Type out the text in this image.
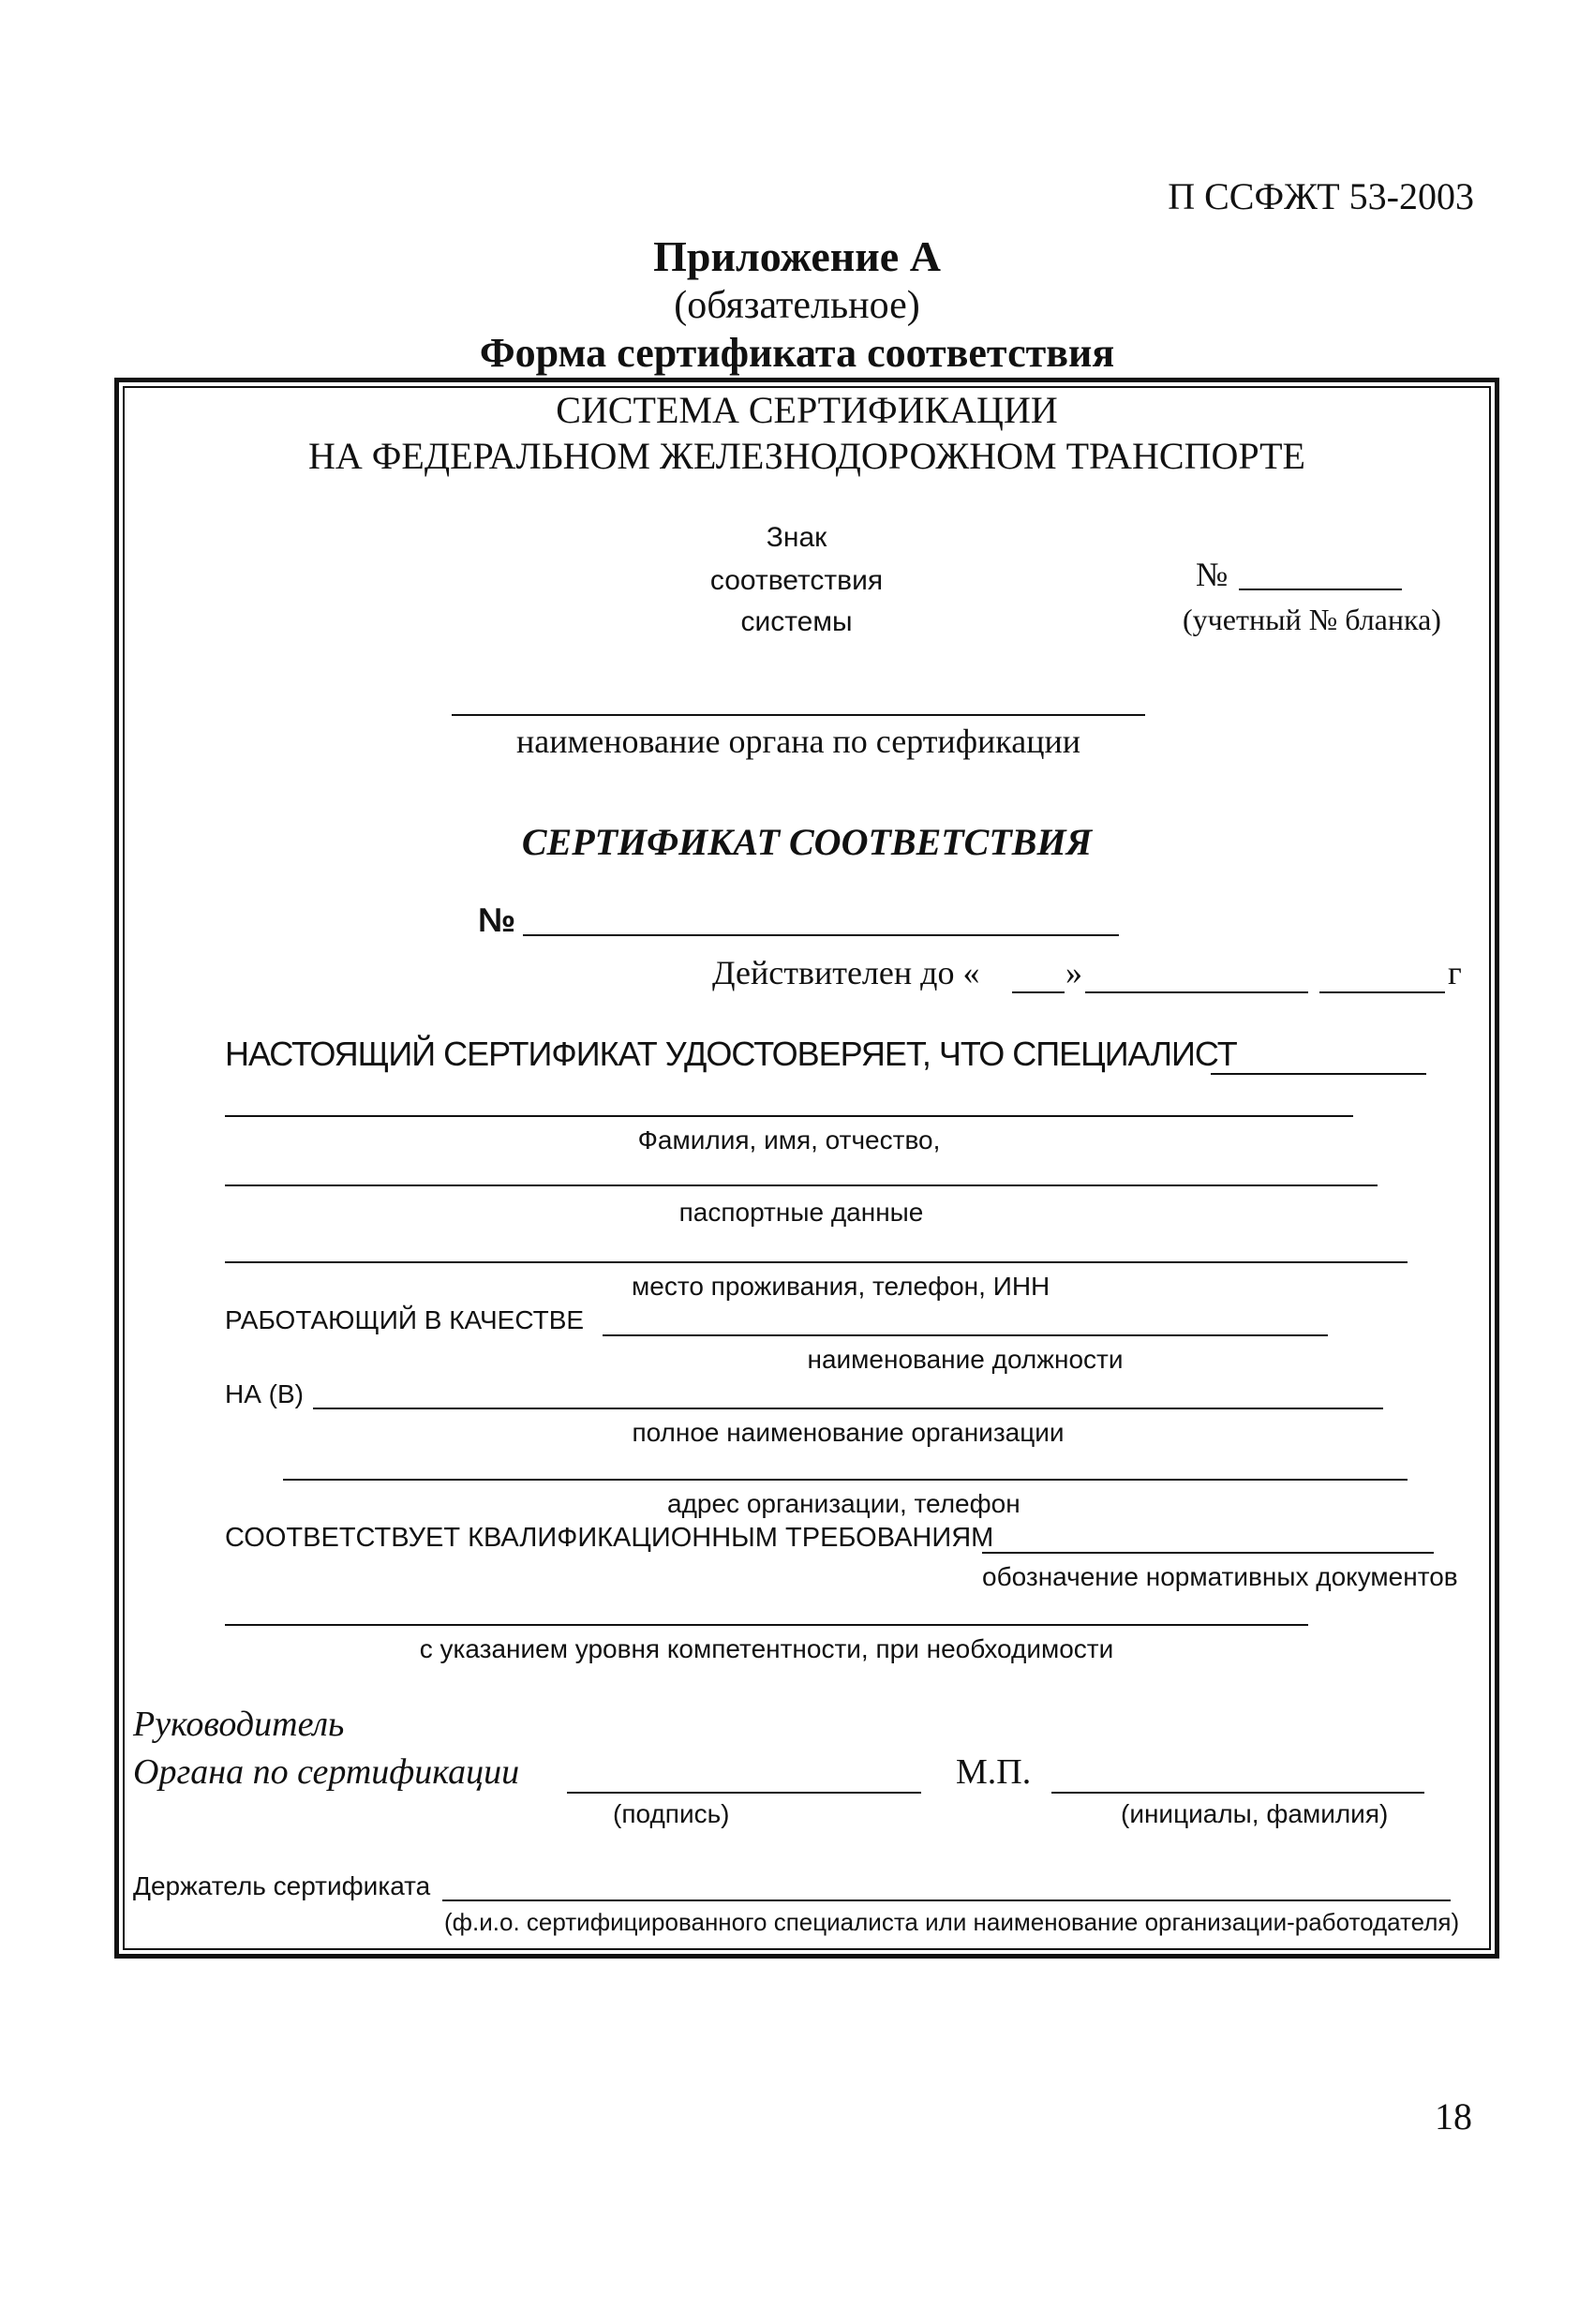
П ССФЖТ 53-2003
Приложение А
(обязательное)
Форма сертификата соответствия
СИСТЕМА СЕРТИФИКАЦИИ
НА ФЕДЕРАЛЬНОМ ЖЕЛЕЗНОДОРОЖНОМ ТРАНСПОРТЕ
Знак
соответствия
системы
№
(учетный № бланка)
наименование органа по сертификации
СЕРТИФИКАТ СООТВЕТСТВИЯ
№
Действителен до «	»	г
НАСТОЯЩИЙ СЕРТИФИКАТ УДОСТОВЕРЯЕТ, ЧТО СПЕЦИАЛИСТ
Фамилия, имя, отчество,
паспортные данные
место проживания, телефон, ИНН
РАБОТАЮЩИЙ В КАЧЕСТВЕ
наименование должности
НА (В)
полное наименование организации
адрес организации, телефон
СООТВЕТСТВУЕТ КВАЛИФИКАЦИОННЫМ ТРЕБОВАНИЯМ
обозначение нормативных документов
с указанием уровня компетентности, при необходимости
Руководитель
Органа по сертификации
(подпись)
М.П.
(инициалы, фамилия)
Держатель сертификата
(ф.и.о. сертифицированного специалиста или наименование организации-работодателя)
18
